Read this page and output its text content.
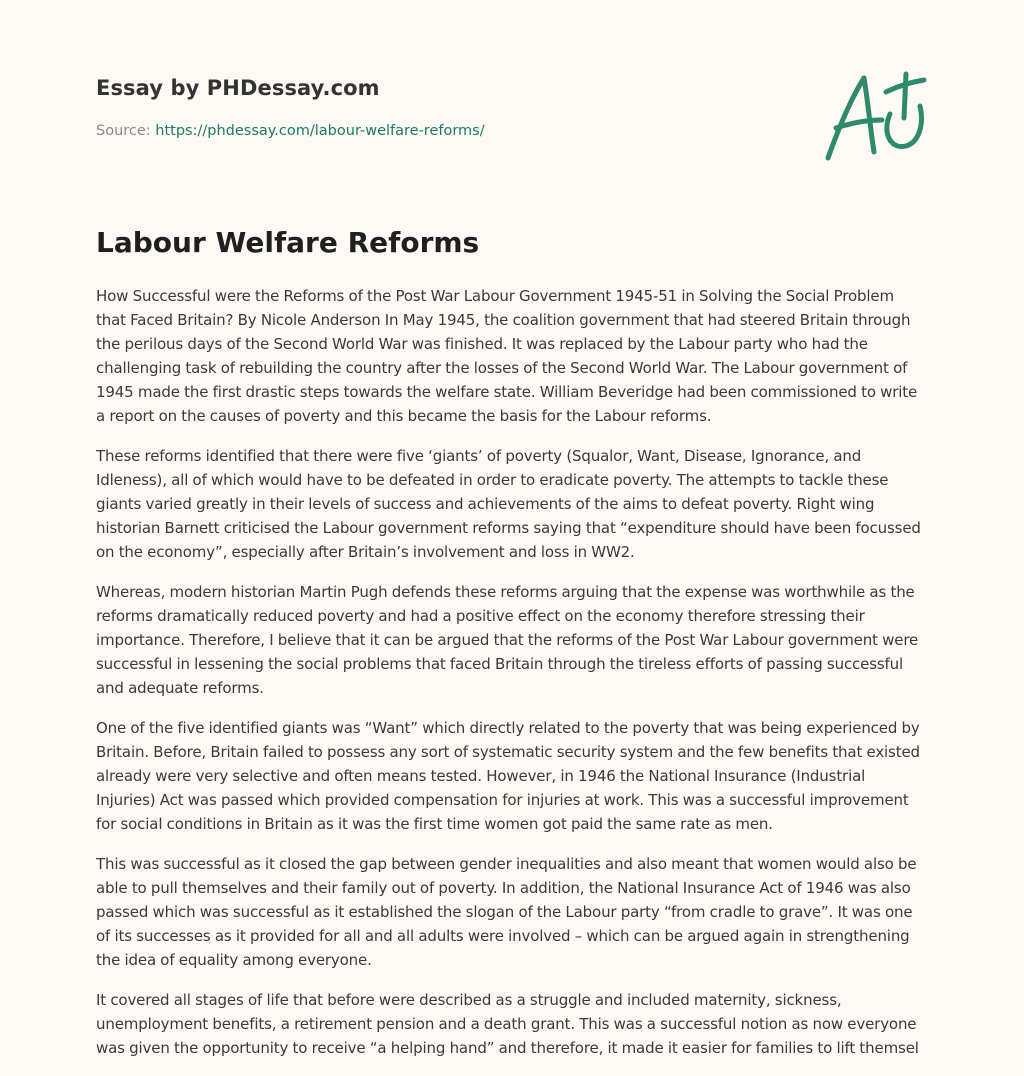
Essay by PHDessay.com

Source: https://phdessay.com/labour-welfare-reforms/

Labour Welfare Reforms

How Successful were the Reforms of the Post War Labour Government 1945-51 in Solving the Social Problem that Faced Britain? By Nicole Anderson In May 1945, the coalition government that had steered Britain through the perilous days of the Second World War was finished. It was replaced by the Labour party who had the challenging task of rebuilding the country after the losses of the Second World War. The Labour government of 1945 made the first drastic steps towards the welfare state. William Beveridge had been commissioned to write a report on the causes of poverty and this became the basis for the Labour reforms.

These reforms identified that there were five ‘giants’ of poverty (Squalor, Want, Disease, Ignorance, and Idleness), all of which would have to be defeated in order to eradicate poverty. The attempts to tackle these giants varied greatly in their levels of success and achievements of the aims to defeat poverty. Right wing historian Barnett criticised the Labour government reforms saying that “expenditure should have been focussed on the economy”, especially after Britain’s involvement and loss in WW2.

Whereas, modern historian Martin Pugh defends these reforms arguing that the expense was worthwhile as the reforms dramatically reduced poverty and had a positive effect on the economy therefore stressing their importance. Therefore, I believe that it can be argued that the reforms of the Post War Labour government were successful in lessening the social problems that faced Britain through the tireless efforts of passing successful and adequate reforms.

One of the five identified giants was “Want” which directly related to the poverty that was being experienced by Britain. Before, Britain failed to possess any sort of systematic security system and the few benefits that existed already were very selective and often means tested. However, in 1946 the National Insurance (Industrial Injuries) Act was passed which provided compensation for injuries at work. This was a successful improvement for social conditions in Britain as it was the first time women got paid the same rate as men.

This was successful as it closed the gap between gender inequalities and also meant that women would also be able to pull themselves and their family out of poverty. In addition, the National Insurance Act of 1946 was also passed which was successful as it established the slogan of the Labour party “from cradle to grave”. It was one of its successes as it provided for all and all adults were involved – which can be argued again in strengthening the idea of equality among everyone.

It covered all stages of life that before were described as a struggle and included maternity, sickness, unemployment benefits, a retirement pension and a death grant. This was a successful notion as now everyone was given the opportunity to receive “a helping hand” and therefore, it made it easier for families to lift themsel
